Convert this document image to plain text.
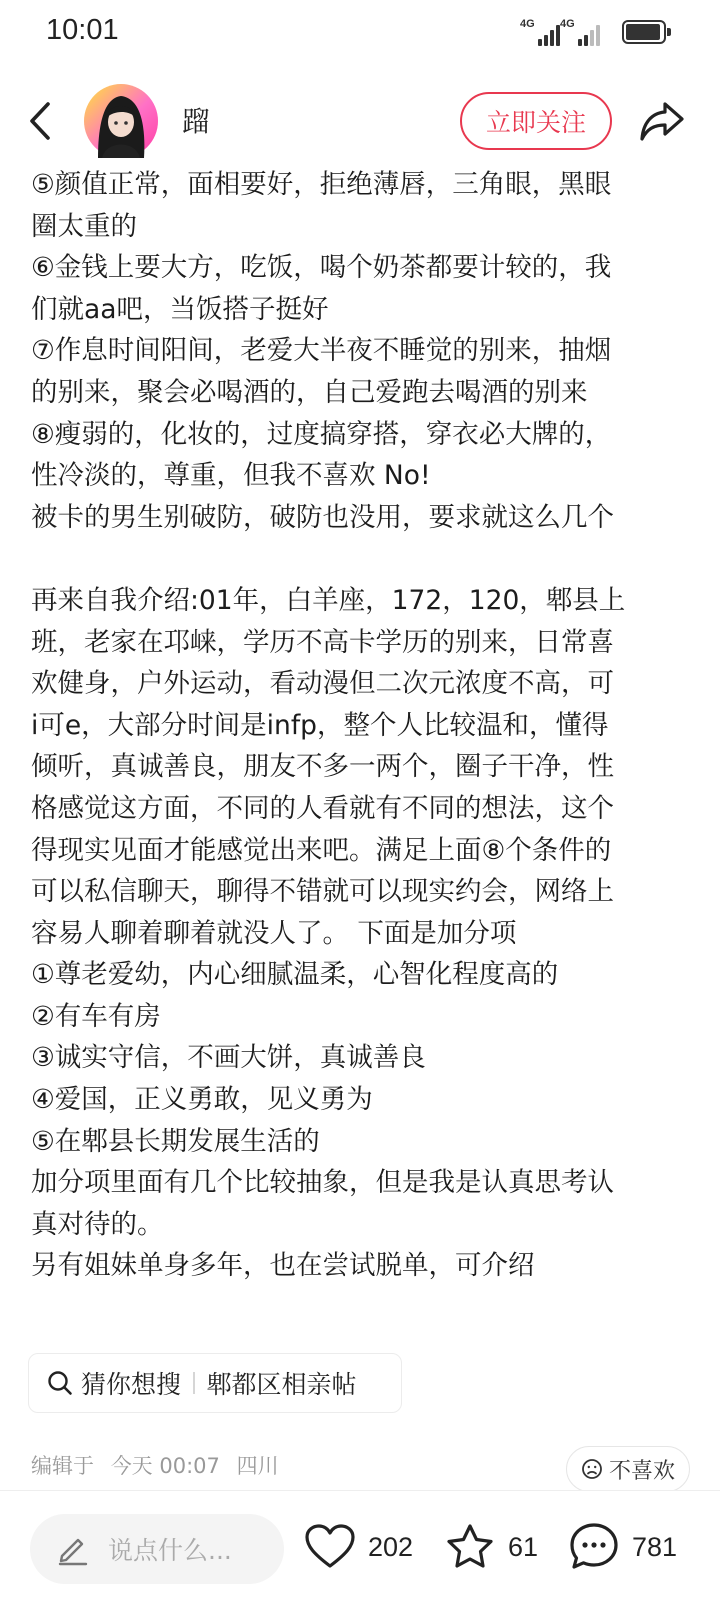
10:01	4G 4G
蹓	立即关注
⑤颜值正常，面相要好，拒绝薄唇，三角眼，黑眼
圈太重的
⑥金钱上要大方，吃饭，喝个奶茶都要计较的，我
们就aa吧，当饭搭子挺好
⑦作息时间阳间，老爱大半夜不睡觉的别来，抽烟
的别来，聚会必喝酒的，自己爱跑去喝酒的别来
⑧瘦弱的，化妆的，过度搞穿搭，穿衣必大牌的，
性冷淡的，尊重，但我不喜欢 No!
被卡的男生别破防，破防也没用，要求就这么几个
再来自我介绍:01年，白羊座，172，120，郫县上
班，老家在邛崃，学历不高卡学历的别来，日常喜
欢健身，户外运动，看动漫但二次元浓度不高，可
i可e，大部分时间是infp，整个人比较温和，懂得
倾听，真诚善良，朋友不多一两个，圈子干净，性
格感觉这方面，不同的人看就有不同的想法，这个
得现实见面才能感觉出来吧。满足上面⑧个条件的
可以私信聊天，聊得不错就可以现实约会，网络上
容易人聊着聊着就没人了。 下面是加分项
①尊老爱幼，内心细腻温柔，心智化程度高的
②有车有房
③诚实守信，不画大饼，真诚善良
④爱国，正义勇敢，见义勇为
⑤在郫县长期发展生活的
加分项里面有几个比较抽象，但是我是认真思考认
真对待的。
另有姐妹单身多年，也在尝试脱单，可介绍
猜你想搜 郫都区相亲帖
编辑于 今天 00:07 四川	不喜欢
说点什么...	202	61	781
